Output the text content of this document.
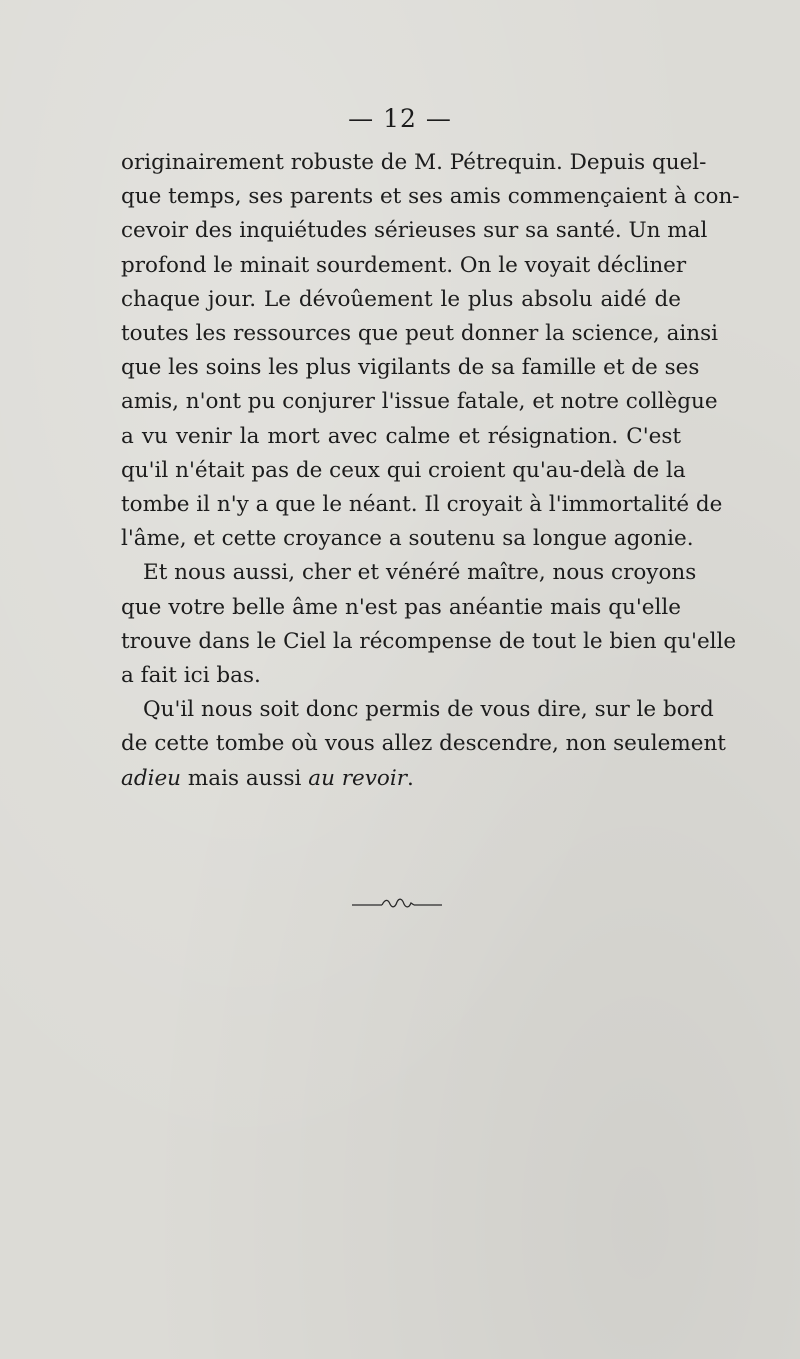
— 12 —

originairement robuste de M. Pétrequin. Depuis quel-
que temps, ses parents et ses amis commençaient à con-
cevoir des inquiétudes sérieuses sur sa santé. Un mal
profond le minait sourdement. On le voyait décliner
chaque jour. Le dévoûement le plus absolu aidé de
toutes les ressources que peut donner la science, ainsi
que les soins les plus vigilants de sa famille et de ses
amis, n'ont pu conjurer l'issue fatale, et notre collègue
a vu venir la mort avec calme et résignation. C'est
qu'il n'était pas de ceux qui croient qu'au-delà de la
tombe il n'y a que le néant. Il croyait à l'immortalité de
l'âme, et cette croyance a soutenu sa longue agonie.

Et nous aussi, cher et vénéré maître, nous croyons
que votre belle âme n'est pas anéantie mais qu'elle
trouve dans le Ciel la récompense de tout le bien qu'elle
a fait ici bas.

Qu'il nous soit donc permis de vous dire, sur le bord
de cette tombe où vous allez descendre, non seulement
adieu mais aussi au revoir.
